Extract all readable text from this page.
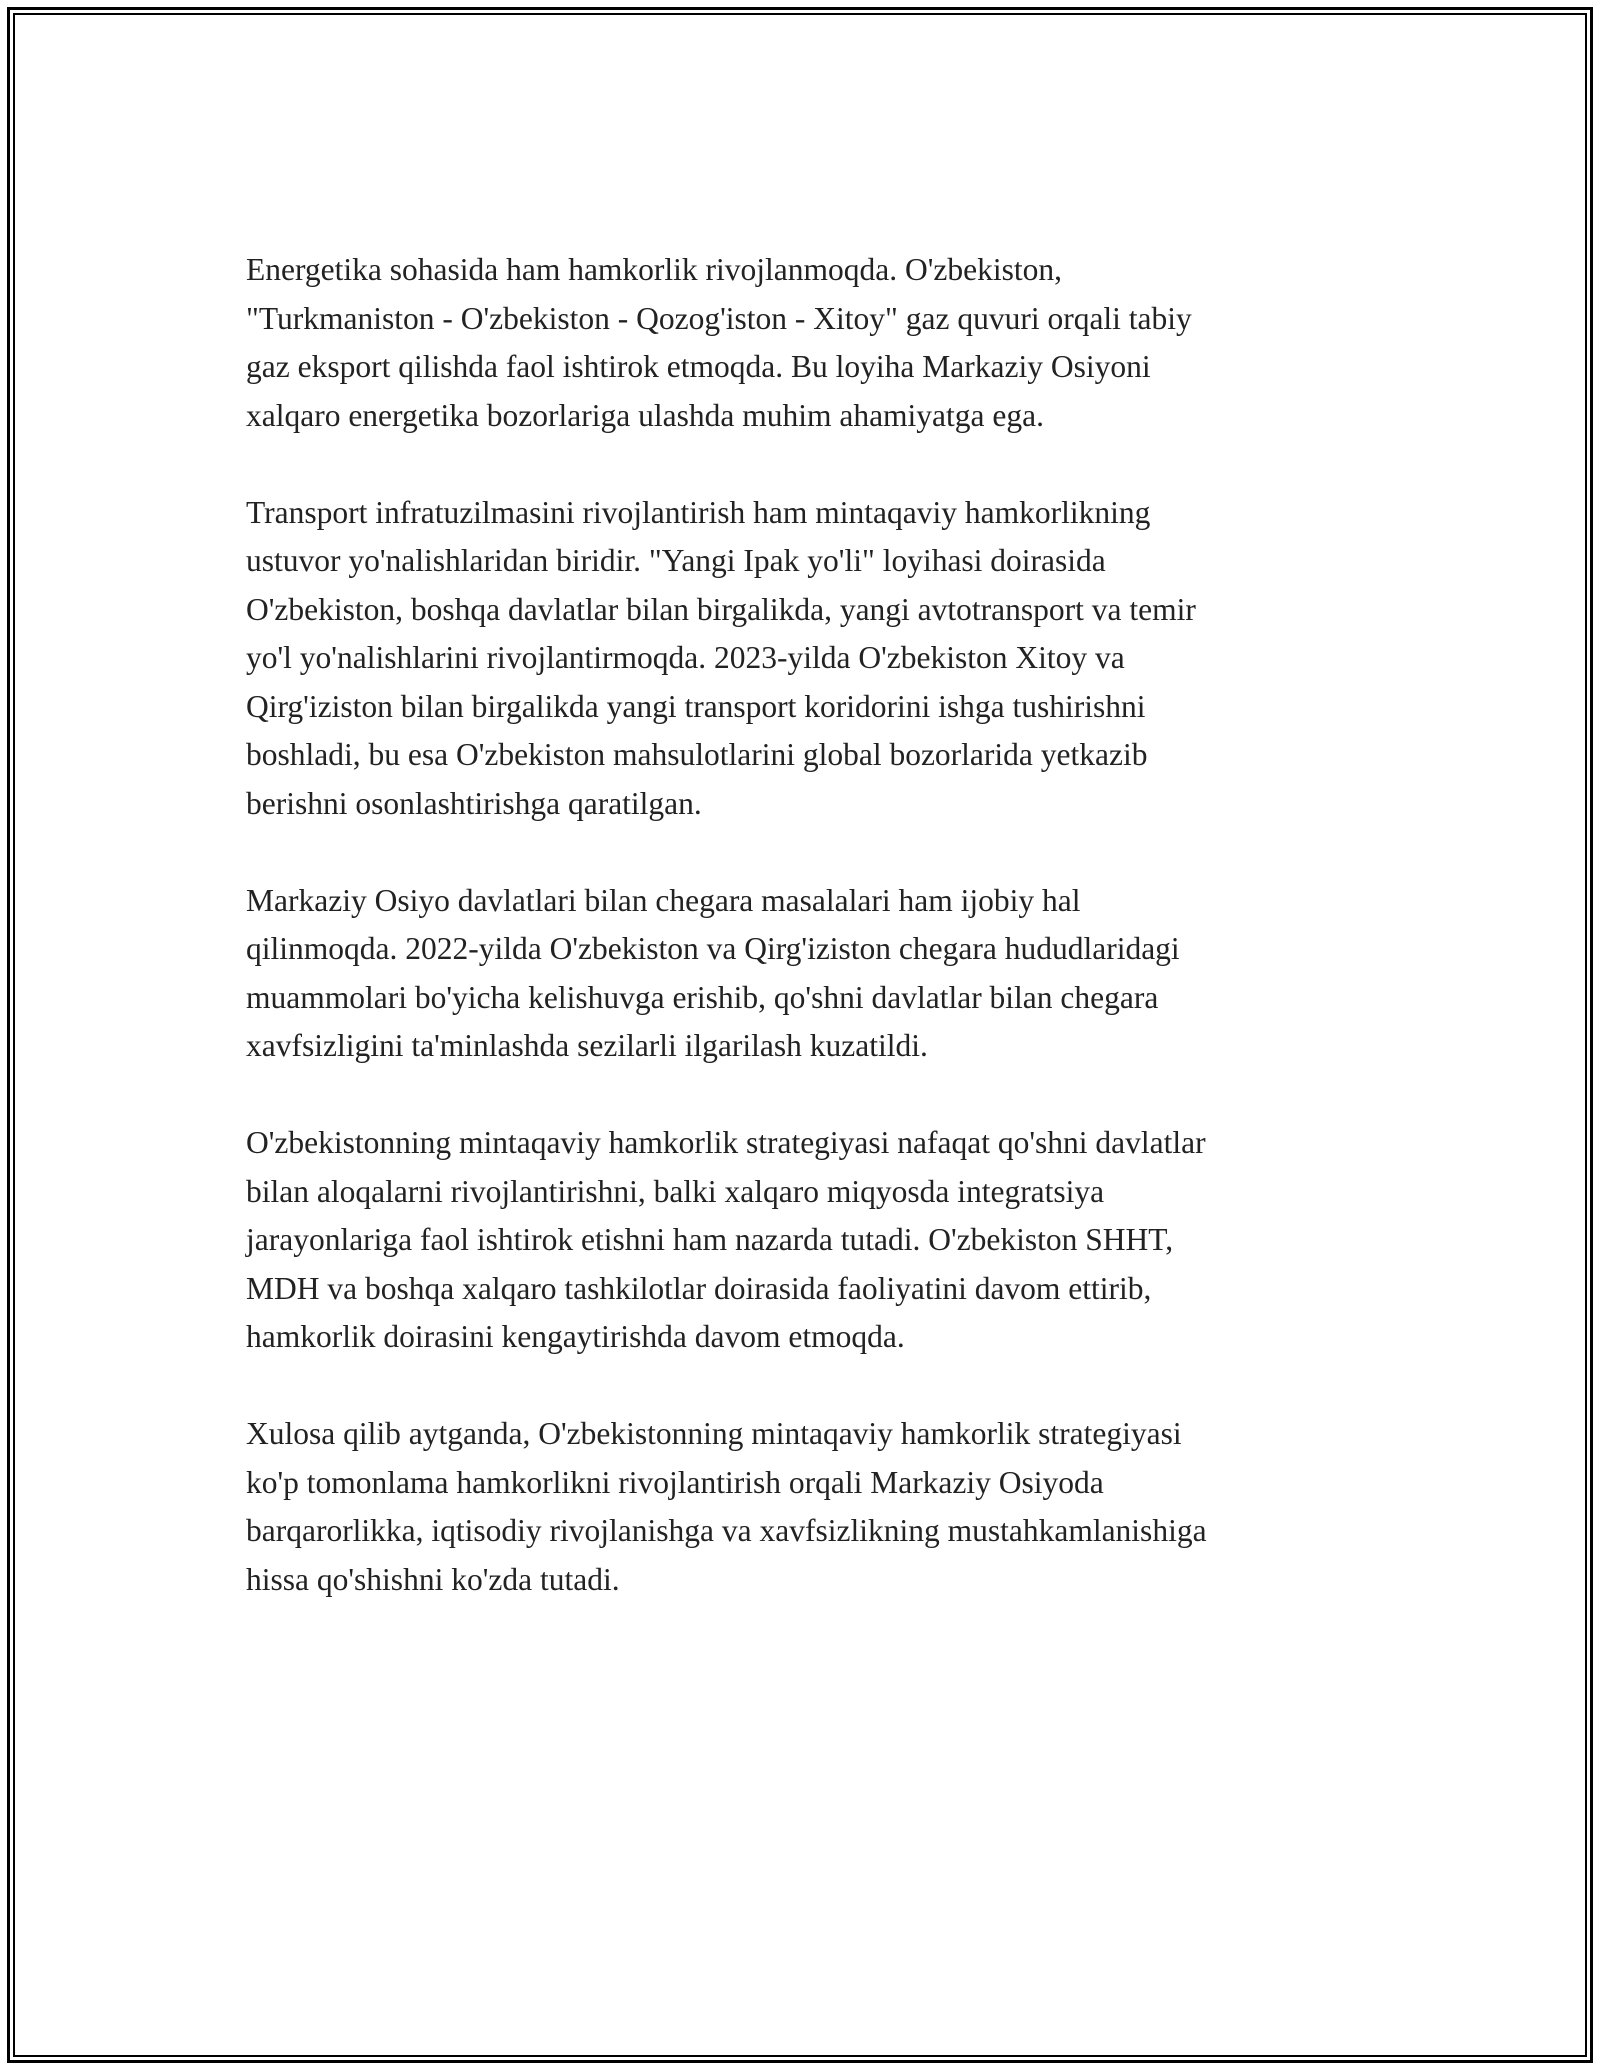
Energetika sohasida ham hamkorlik rivojlanmoqda. O'zbekiston,
"Turkmaniston - O'zbekiston - Qozog'iston - Xitoy" gaz quvuri orqali tabiy
gaz eksport qilishda faol ishtirok etmoqda. Bu loyiha Markaziy Osiyoni
xalqaro energetika bozorlariga ulashda muhim ahamiyatga ega.

Transport infratuzilmasini rivojlantirish ham mintaqaviy hamkorlikning
ustuvor yo'nalishlaridan biridir. "Yangi Ipak yo'li" loyihasi doirasida
O'zbekiston, boshqa davlatlar bilan birgalikda, yangi avtotransport va temir
yo'l yo'nalishlarini rivojlantirmoqda. 2023-yilda O'zbekiston Xitoy va
Qirg'iziston bilan birgalikda yangi transport koridorini ishga tushirishni
boshladi, bu esa O'zbekiston mahsulotlarini global bozorlarida yetkazib
berishni osonlashtirishga qaratilgan.

Markaziy Osiyo davlatlari bilan chegara masalalari ham ijobiy hal
qilinmoqda. 2022-yilda O'zbekiston va Qirg'iziston chegara hududlaridagi
muammolari bo'yicha kelishuvga erishib, qo'shni davlatlar bilan chegara
xavfsizligini ta'minlashda sezilarli ilgarilash kuzatildi.

O'zbekistonning mintaqaviy hamkorlik strategiyasi nafaqat qo'shni davlatlar
bilan aloqalarni rivojlantirishni, balki xalqaro miqyosda integratsiya
jarayonlariga faol ishtirok etishni ham nazarda tutadi. O'zbekiston SHHT,
MDH va boshqa xalqaro tashkilotlar doirasida faoliyatini davom ettirib,
hamkorlik doirasini kengaytirishda davom etmoqda.

Xulosa qilib aytganda, O'zbekistonning mintaqaviy hamkorlik strategiyasi
ko'p tomonlama hamkorlikni rivojlantirish orqali Markaziy Osiyoda
barqarorlikka, iqtisodiy rivojlanishga va xavfsizlikning mustahkamlanishiga
hissa qo'shishni ko'zda tutadi.
